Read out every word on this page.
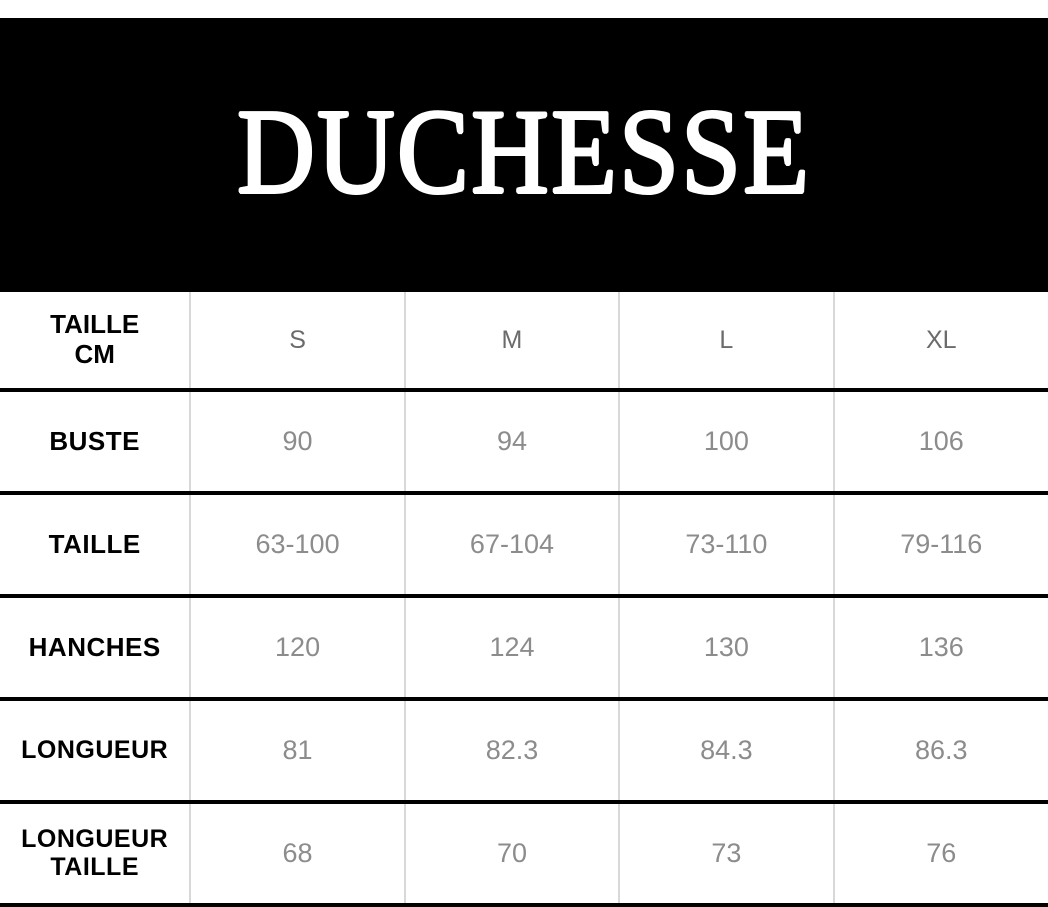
DUCHESSE
TAILLE
CM	S	M	L	XL
BUSTE	90	94	100	106
TAILLE	63-100	67-104	73-110	79-116
HANCHES	120	124	130	136
LONGUEUR	81	82.3	84.3	86.3

LONGUEUR
TAILLE	68	70	73	76
